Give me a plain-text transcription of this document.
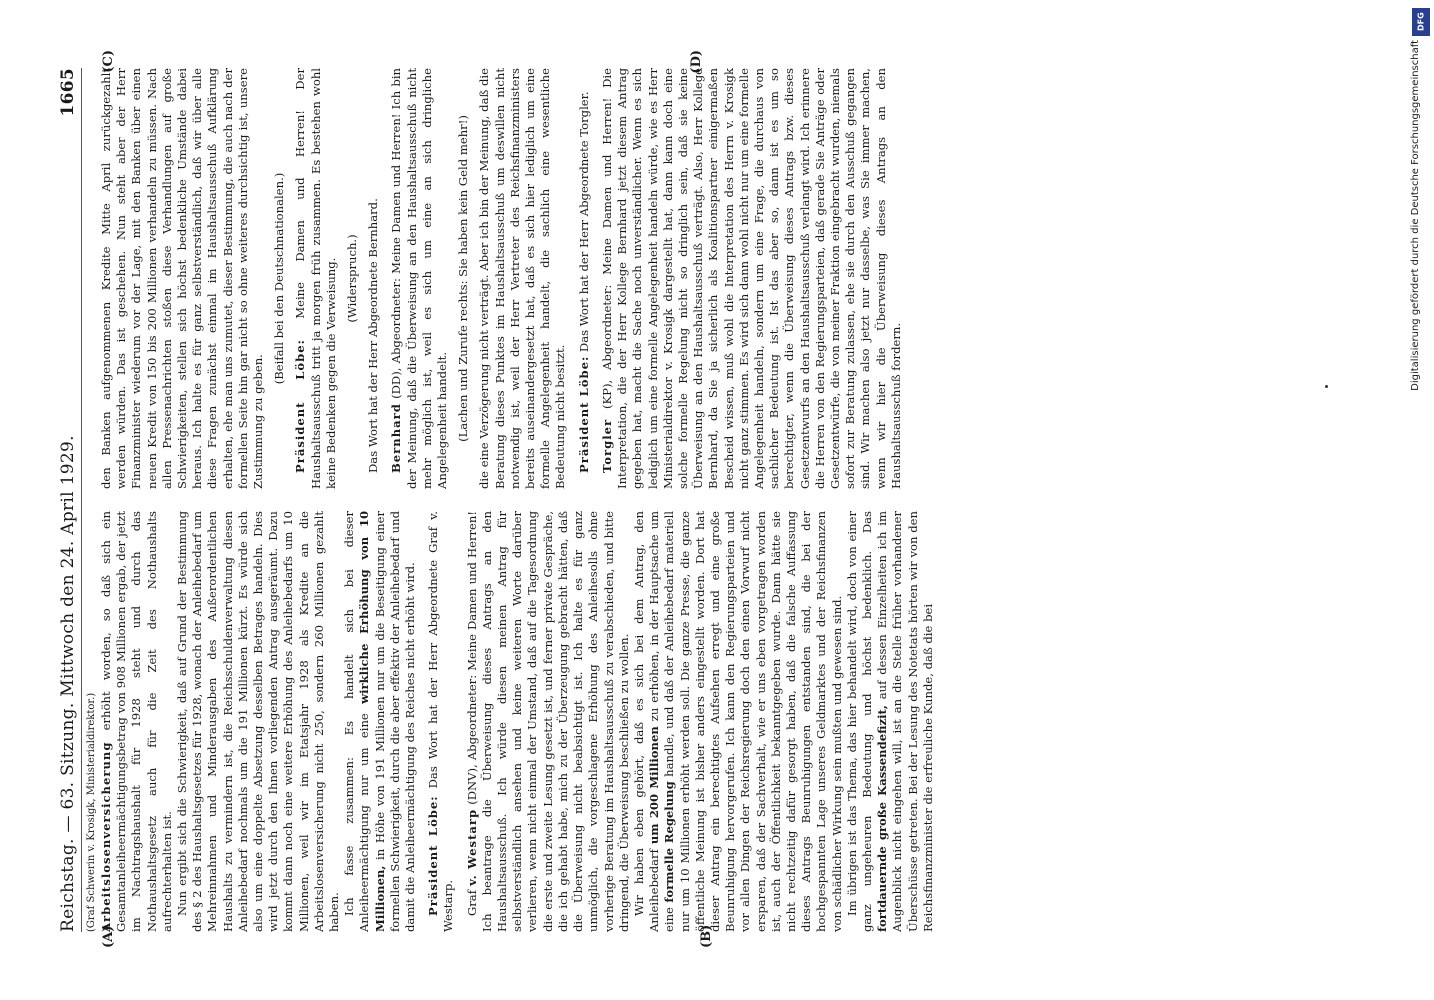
Reichstag. — 63. Sitzung. Mittwoch den 24. April 1929.
1665
(Graf Schwerin v. Krosigk, Ministerialdirektor.)
(A)	(B)

Arbeitslosenversicherung erhöht worden, so daß sich ein Gesamtanleiheermächtigungsbetrag von 908 Millionen ergab, der jetzt im Nachtragshaushalt für 1928 steht und durch das Nothaushaltsgesetz auch für die Zeit des Nothaushalts aufrechterhalten ist. Nun ergibt sich die Schwierigkeit, daß auf Grund der Bestimmung des § 2 des Haushaltsgesetzes für 1928, wonach der Anleihebedarf um Mehreinnahmen und Minderausgaben des Außerordentlichen Haushalts zu vermindern ist, die Reichsschuldenverwaltung diesen Anleihebedarf nochmals um die 191 Millionen kürzt. Es würde sich also um eine doppelte Absetzung desselben Betrages handeln. Dies wird jetzt durch den Ihnen vorliegenden Antrag ausgeräumt. Dazu kommt dann noch eine weitere Erhöhung des Anleihebedarfs um 10 Millionen, weil wir im Etatsjahr 1928 als Kredite an die Arbeitslosenversicherung nicht 250, sondern 260 Millionen gezahlt haben. Ich fasse zusammen: Es handelt sich bei dieser Anleiheermächtigung nur um eine wirkliche Erhöhung von 10 Millionen, in Höhe von 191 Millionen nur um die Beseitigung einer formellen Schwierigkeit, durch die aber effektiv der Anleihebedarf und damit die Anleiheermächtigung des Reiches nicht erhöht wird. Präsident Löbe: Das Wort hat der Herr Abgeordnete Graf v. Westarp. Graf v. Westarp (DNV), Abgeordneter: Meine Damen und Herren! Ich beantrage die Überweisung dieses Antrags an den Haushaltsausschuß. Ich würde diesen meinen Antrag für selbstverständlich ansehen und keine weiteren Worte darüber verlieren, wenn nicht einmal der Umstand, daß auf die Tagesordnung die erste und zweite Lesung gesetzt ist, und ferner private Gespräche, die ich gehabt habe, mich zu der Überzeugung gebracht hätten, daß die Überweisung nicht beabsichtigt ist. Ich halte es für ganz unmöglich, die vorgeschlagene Erhöhung des Anleihesolls ohne vorherige Beratung im Haushaltsausschuß zu verabschieden, und bitte dringend, die Überweisung beschließen zu wollen. Wir haben eben gehört, daß es sich bei dem Antrag, den Anleihebedarf um 200 Millionen zu erhöhen, in der Hauptsache um eine formelle Regelung handle, und daß der Anleihebedarf materiell nur um 10 Millionen erhöht werden soll. Die ganze Presse, die ganze öffentliche Meinung ist bisher anders eingestellt worden. Dort hat dieser Antrag ein berechtigtes Aufsehen erregt und eine große Beunruhigung hervorgerufen. Ich kann den Regierungsparteien und vor allen Dingen der Reichsregierung doch den einen Vorwurf nicht ersparen, daß der Sachverhalt, wie er uns eben vorgetragen worden ist, auch der Öffentlichkeit bekanntgegeben wurde. Dann hätte sie nicht rechtzeitig dafür gesorgt haben, daß die falsche Auffassung dieses Antrags Beunruhigungen entstanden sind, die bei der hochgespannten Lage unseres Geldmarktes und der Reichsfinanzen von schädlicher Wirkung sein mußten und gewesen sind. Im übrigen ist das Thema, das hier behandelt wird, doch von einer ganz ungeheuren Bedeutung und höchst bedenklich. Das fortdauernde große Kassendefizit, auf dessen Einzelheiten ich im Augenblick nicht eingehen will, ist an die Stelle früher vorhandener Überschüsse getreten. Bei der Lesung des Notetats hörten wir von den Reichsfinanzminister die erfreuliche Kunde, daß die bei

(C)	(D)

den Banken aufgenommenen Kredite Mitte April zurückgezahlt werden würden. Das ist geschehen. Nun steht aber der Herr Finanzminister wiederum vor der Lage, mit den Banken über einen neuen Kredit von 150 bis 200 Millionen verhandeln zu müssen. Nach allen Pressenachrichten stoßen diese Verhandlungen auf große Schwierigkeiten, stellen sich höchst bedenkliche Umstände dabei heraus. Ich halte es für ganz selbstverständlich, daß wir über alle diese Fragen zunächst einmal im Haushaltsausschuß Aufklärung erhalten, ehe man uns zumutet, dieser Bestimmung, die auch nach der formellen Seite hin gar nicht so ohne weiteres durchsichtig ist, unsere Zustimmung zu geben.

(Beifall bei den Deutschnationalen.)

Präsident Löbe: Meine Damen und Herren! Der Haushaltsausschuß tritt ja morgen früh zusammen. Es bestehen wohl keine Bedenken gegen die Verweisung. (Widerspruch.) Das Wort hat der Herr Abgeordnete Bernhard. Bernhard (DD), Abgeordneter: Meine Damen und Herren! Ich bin der Meinung, daß die Überweisung an den Haushaltsausschuß nicht mehr möglich ist, weil es sich um eine an sich dringliche Angelegenheit handelt. (Lachen und Zurufe rechts: Sie haben kein Geld mehr!) die eine Verzögerung nicht verträgt. Aber ich bin der Meinung, daß die Beratung dieses Punktes im Haushaltsausschuß um deswillen nicht notwendig ist, weil der Herr Vertreter des Reichsfinanzministers bereits auseinandergesetzt hat, daß es sich hier lediglich um eine formelle Angelegenheit handelt, die sachlich eine wesentliche Bedeutung nicht besitzt. Präsident Löbe: Das Wort hat der Herr Abgeordnete Torgler.

Torgler (KP), Abgeordneter: Meine Damen und Herren! Die Interpretation, die der Herr Kollege Bernhard jetzt diesem Antrag gegeben hat, macht die Sache noch unverständlicher. Wenn es sich lediglich um eine formelle Angelegenheit handeln würde, wie es Herr Ministerialdirektor v. Krosigk dargestellt hat, dann kann doch eine solche formelle Regelung nicht so dringlich sein, daß sie keine Überweisung an den Haushaltsausschuß verträgt. Also, Herr Kollege Bernhard, da Sie ja sicherlich als Koalitionspartner einigermaßen Bescheid wissen, muß wohl die Interpretation des Herrn v. Krosigk nicht ganz stimmen. Es wird sich dann wohl nicht nur um eine formelle Angelegenheit handeln, sondern um eine Frage, die durchaus von sachlicher Bedeutung ist. Ist das aber so, dann ist es um so berechtigter, wenn die Überweisung dieses Antrags bzw. dieses Gesetzentwurfs an den Haushaltsausschuß verlangt wird. Ich erinnere die Herren von den Regierungsparteien, daß gerade Sie Anträge oder Gesetzentwürfe, die von meiner Fraktion eingebracht wurden, niemals sofort zur Beratung zulassen, ehe sie durch den Ausschuß gegangen sind. Wir machen also jetzt nur dasselbe, was Sie immer machen, wenn wir hier die Überweisung dieses Antrags an den Haushaltsausschuß fordern.

DFG
Digitalisierung gefördert durch die Deutsche Forschungsgemeinschaft
